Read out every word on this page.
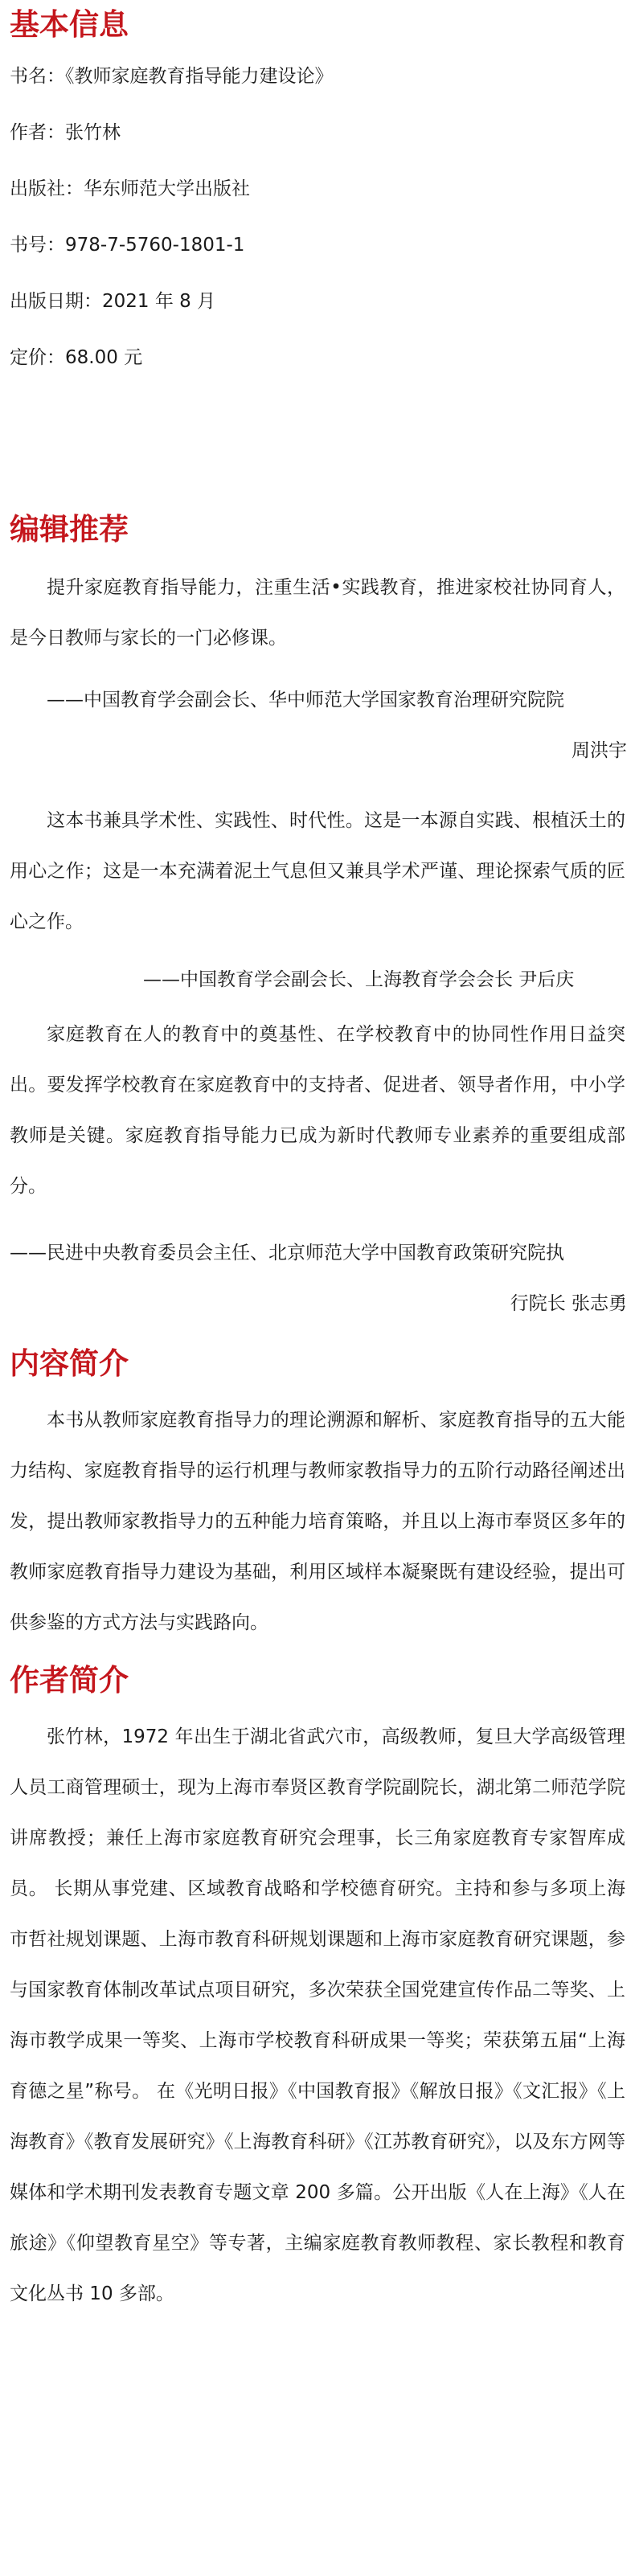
基本信息

书名：《教师家庭教育指导能力建设论》

作者：张竹林

出版社：华东师范大学出版社

书号：978-7-5760-1801-1

出版日期：2021 年 8 月

定价：68.00 元

编辑推荐

提升家庭教育指导能力，注重生活•实践教育，推进家校社协同育人，是今日教师与家长的一门必修课。

——中国教育学会副会长、华中师范大学国家教育治理研究院院

周洪宇

这本书兼具学术性、实践性、时代性。这是一本源自实践、根植沃土的用心之作；这是一本充满着泥土气息但又兼具学术严谨、理论探索气质的匠心之作。

——中国教育学会副会长、上海教育学会会长 尹后庆

家庭教育在人的教育中的奠基性、在学校教育中的协同性作用日益突出。要发挥学校教育在家庭教育中的支持者、促进者、领导者作用，中小学教师是关键。家庭教育指导能力已成为新时代教师专业素养的重要组成部分。

——民进中央教育委员会主任、北京师范大学中国教育政策研究院执

行院长 张志勇

内容简介

本书从教师家庭教育指导力的理论溯源和解析、家庭教育指导的五大能力结构、家庭教育指导的运行机理与教师家教指导力的五阶行动路径阐述出发，提出教师家教指导力的五种能力培育策略，并且以上海市奉贤区多年的教师家庭教育指导力建设为基础，利用区域样本凝聚既有建设经验，提出可供参鉴的方式方法与实践路向。

作者简介

张竹林，1972 年出生于湖北省武穴市，高级教师，复旦大学高级管理人员工商管理硕士，现为上海市奉贤区教育学院副院长，湖北第二师范学院讲席教授；兼任上海市家庭教育研究会理事，长三角家庭教育专家智库成员。 长期从事党建、区域教育战略和学校德育研究。主持和参与多项上海市哲社规划课题、上海市教育科研规划课题和上海市家庭教育研究课题，参与国家教育体制改革试点项目研究，多次荣获全国党建宣传作品二等奖、上海市教学成果一等奖、上海市学校教育科研成果一等奖；荣获第五届“上海育德之星”称号。 在《光明日报》《中国教育报》《解放日报》《文汇报》《上海教育》《教育发展研究》《上海教育科研》《江苏教育研究》，以及东方网等媒体和学术期刊发表教育专题文章 200 多篇。公开出版《人在上海》《人在旅途》《仰望教育星空》等专著，主编家庭教育教师教程、家长教程和教育文化丛书 10 多部。
